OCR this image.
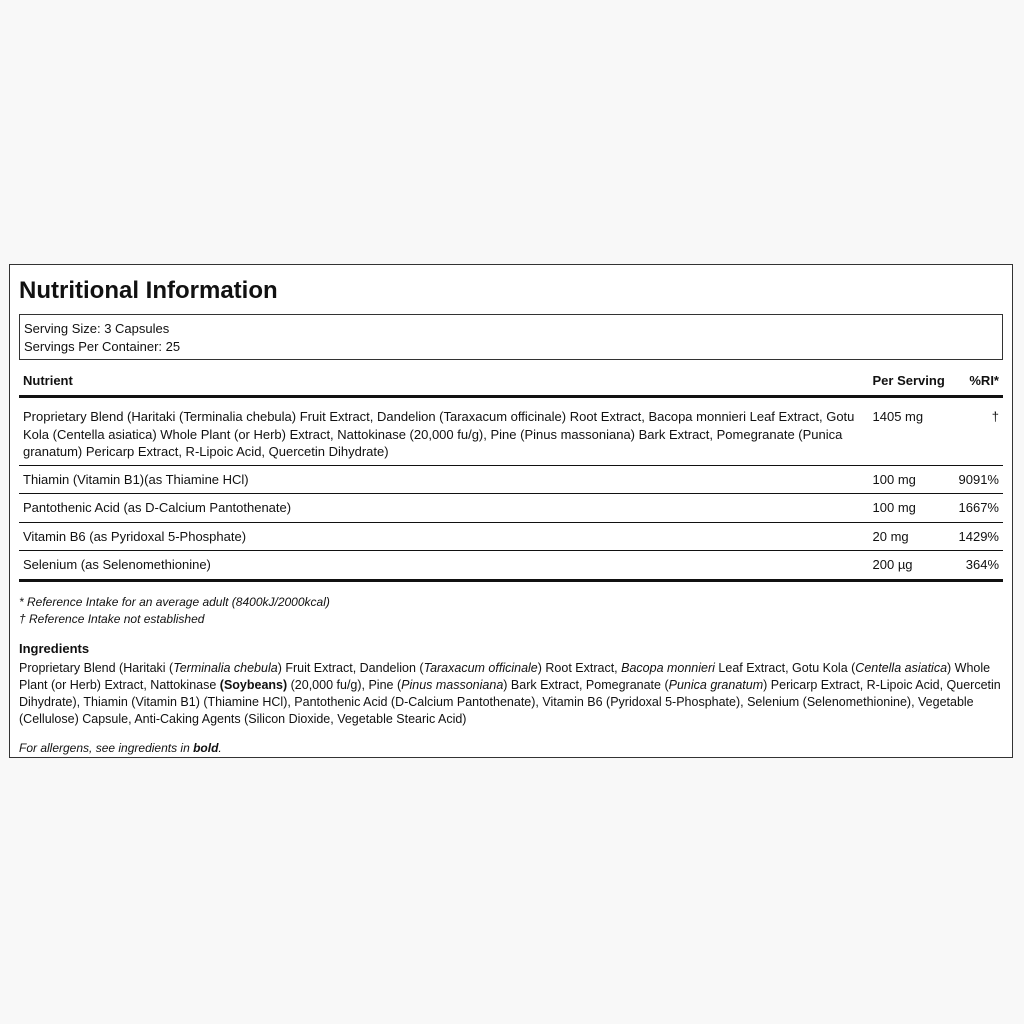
Nutritional Information
Serving Size: 3 Capsules
Servings Per Container: 25
Nutrient	Per Serving	%RI*
Proprietary Blend (Haritaki (Terminalia chebula) Fruit Extract, Dandelion (Taraxacum officinale) Root Extract, Bacopa monnieri Leaf Extract, Gotu Kola (Centella asiatica) Whole Plant (or Herb) Extract, Nattokinase (20,000 fu/g), Pine (Pinus massoniana) Bark Extract, Pomegranate (Punica granatum) Pericarp Extract, R-Lipoic Acid, Quercetin Dihydrate)	1405 mg	†
Thiamin (Vitamin B1)(as Thiamine HCl)	100 mg	9091%
Pantothenic Acid (as D-Calcium Pantothenate)	100 mg	1667%
Vitamin B6 (as Pyridoxal 5-Phosphate)	20 mg	1429%
Selenium (as Selenomethionine)	200 µg	364%
* Reference Intake for an average adult (8400kJ/2000kcal)
† Reference Intake not established
Ingredients
Proprietary Blend (Haritaki (Terminalia chebula) Fruit Extract, Dandelion (Taraxacum officinale) Root Extract, Bacopa monnieri Leaf Extract, Gotu Kola (Centella asiatica) Whole Plant (or Herb) Extract, Nattokinase (Soybeans) (20,000 fu/g), Pine (Pinus massoniana) Bark Extract, Pomegranate (Punica granatum) Pericarp Extract, R-Lipoic Acid, Quercetin Dihydrate), Thiamin (Vitamin B1) (Thiamine HCl), Pantothenic Acid (D-Calcium Pantothenate), Vitamin B6 (Pyridoxal 5-Phosphate), Selenium (Selenomethionine), Vegetable (Cellulose) Capsule, Anti-Caking Agents (Silicon Dioxide, Vegetable Stearic Acid)
For allergens, see ingredients in bold.
